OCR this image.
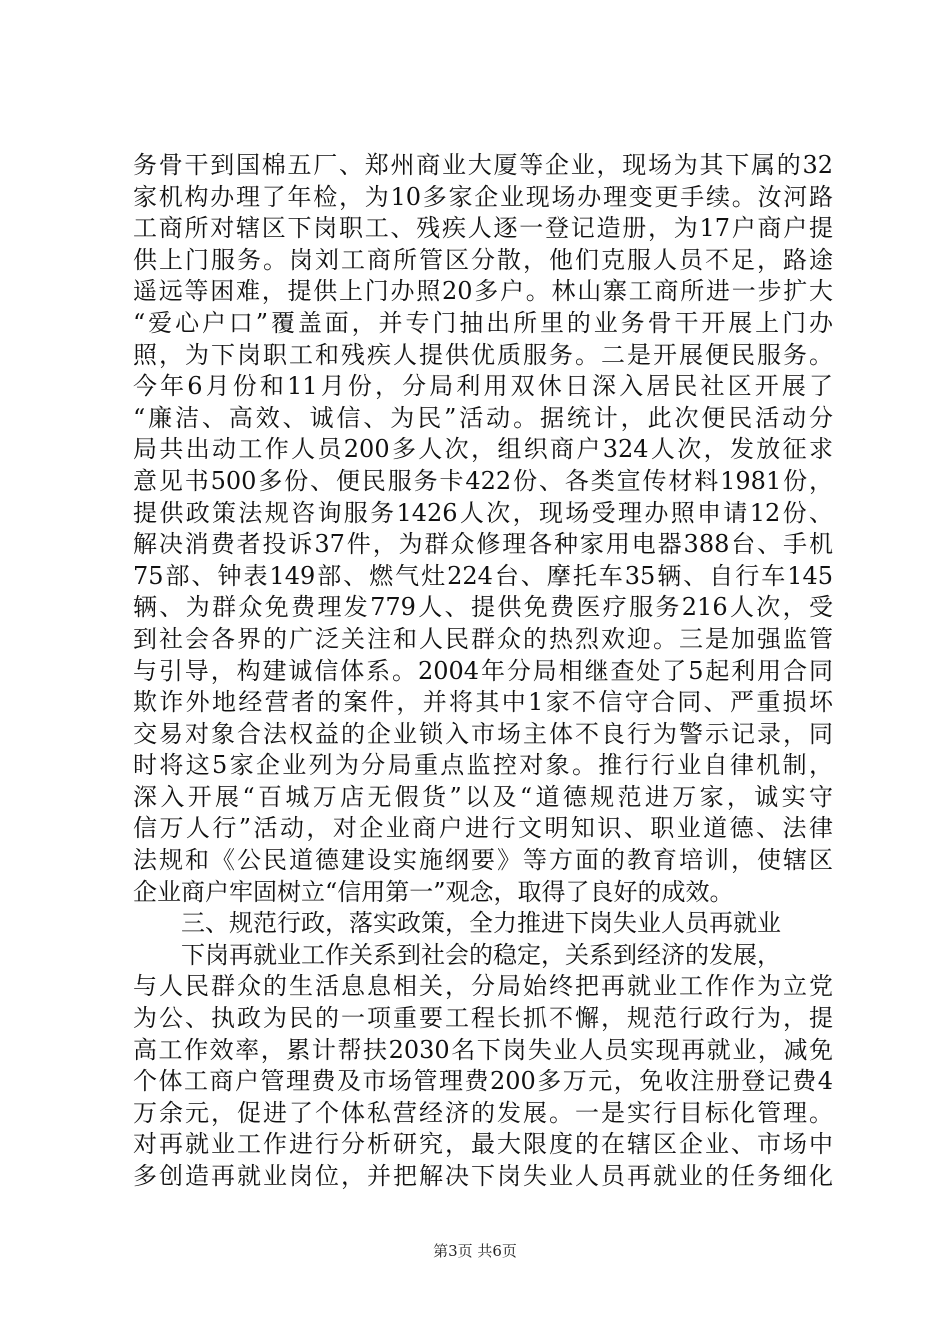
务骨干到国棉五厂、郑州商业大厦等企业，现场为其下属的32
家机构办理了年检，为10多家企业现场办理变更手续。汝河路
工商所对辖区下岗职工、残疾人逐一登记造册，为17户商户提
供上门服务。岗刘工商所管区分散，他们克服人员不足，路途
遥远等困难，提供上门办照20多户。林山寨工商所进一步扩大
“爱心户口”覆盖面，并专门抽出所里的业务骨干开展上门办
照，为下岗职工和残疾人提供优质服务。二是开展便民服务。
今年6月份和11月份，分局利用双休日深入居民社区开展了
“廉洁、高效、诚信、为民”活动。据统计，此次便民活动分
局共出动工作人员200多人次，组织商户324人次，发放征求
意见书500多份、便民服务卡422份、各类宣传材料1981份，
提供政策法规咨询服务1426人次，现场受理办照申请12份、
解决消费者投诉37件，为群众修理各种家用电器388台、手机
75部、钟表149部、燃气灶224台、摩托车35辆、自行车145
辆、为群众免费理发779人、提供免费医疗服务216人次，受
到社会各界的广泛关注和人民群众的热烈欢迎。三是加强监管
与引导，构建诚信体系。2004年分局相继查处了5起利用合同
欺诈外地经营者的案件，并将其中1家不信守合同、严重损坏
交易对象合法权益的企业锁入市场主体不良行为警示记录，同
时将这5家企业列为分局重点监控对象。推行行业自律机制，
深入开展“百城万店无假货”以及“道德规范进万家，诚实守
信万人行”活动，对企业商户进行文明知识、职业道德、法律
法规和《公民道德建设实施纲要》等方面的教育培训，使辖区
企业商户牢固树立“信用第一”观念，取得了良好的成效。
　　三、规范行政，落实政策，全力推进下岗失业人员再就业
　　下岗再就业工作关系到社会的稳定，关系到经济的发展，
与人民群众的生活息息相关，分局始终把再就业工作作为立党
为公、执政为民的一项重要工程长抓不懈，规范行政行为，提
高工作效率，累计帮扶2030名下岗失业人员实现再就业，减免
个体工商户管理费及市场管理费200多万元，免收注册登记费4
万余元，促进了个体私营经济的发展。一是实行目标化管理。
对再就业工作进行分析研究，最大限度的在辖区企业、市场中
多创造再就业岗位，并把解决下岗失业人员再就业的任务细化
第3页 共6页
